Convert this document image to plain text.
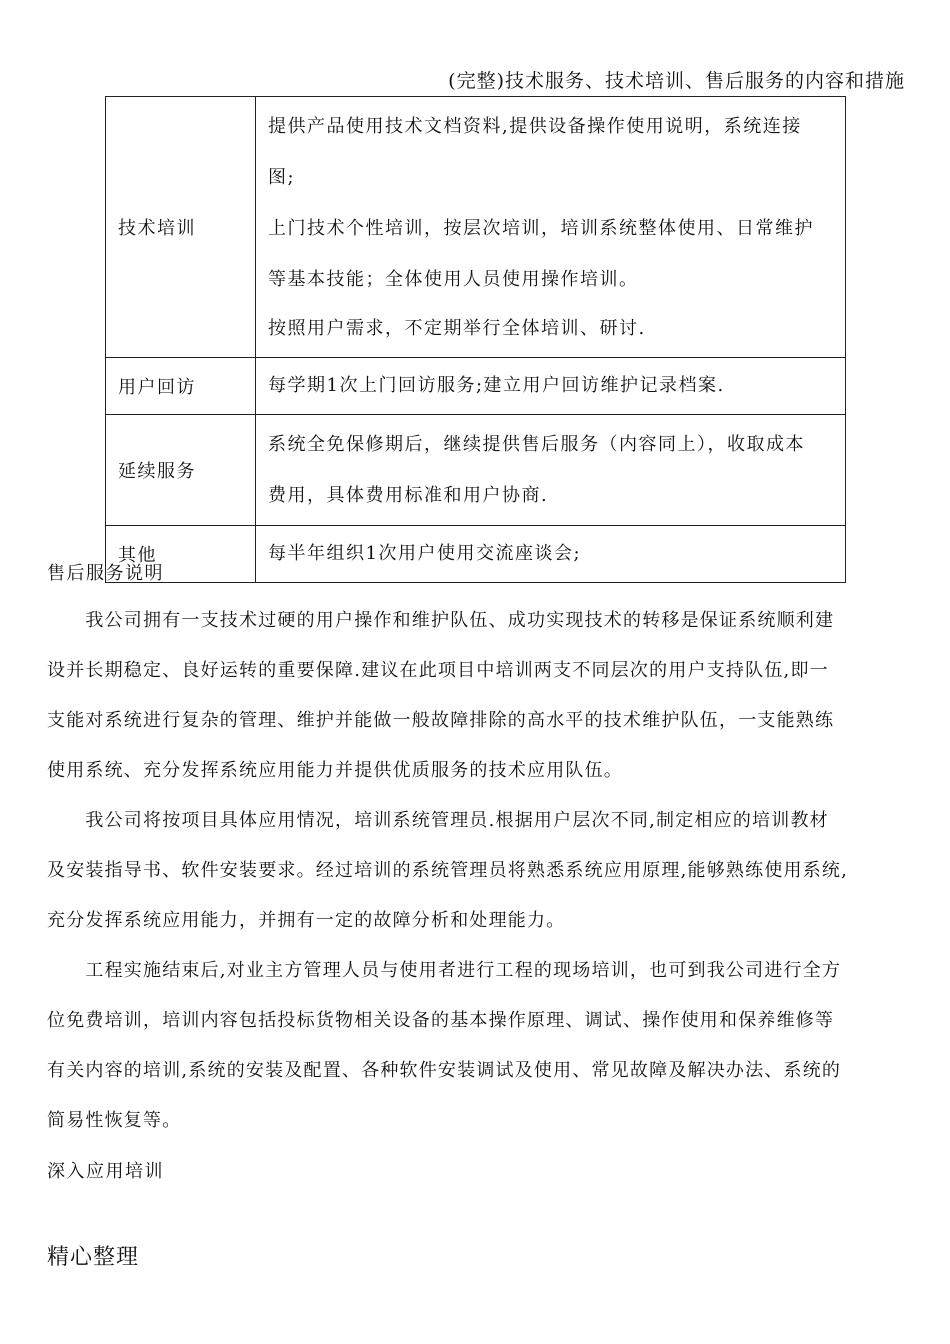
(完整)技术服务、技术培训、售后服务的内容和措施
技术培训	提供产品使用技术文档资料,提供设备操作使用说明，系统连接
图;
上门技术个性培训，按层次培训，培训系统整体使用、日常维护
等基本技能；全体使用人员使用操作培训。
按照用户需求，不定期举行全体培训、研讨.

用户回访	每学期1次上门回访服务;建立用户回访维护记录档案.

延续服务	系统全免保修期后，继续提供售后服务（内容同上），收取成本
费用，具体费用标准和用户协商.

其他	每半年组织1次用户使用交流座谈会;
售后服务说明
　　我公司拥有一支技术过硬的用户操作和维护队伍、成功实现技术的转移是保证系统顺利建
设并长期稳定、良好运转的重要保障.建议在此项目中培训两支不同层次的用户支持队伍,即一
支能对系统进行复杂的管理、维护并能做一般故障排除的高水平的技术维护队伍，一支能熟练
使用系统、充分发挥系统应用能力并提供优质服务的技术应用队伍。
　　我公司将按项目具体应用情况，培训系统管理员.根据用户层次不同,制定相应的培训教材
及安装指导书、软件安装要求。经过培训的系统管理员将熟悉系统应用原理,能够熟练使用系统,
充分发挥系统应用能力，并拥有一定的故障分析和处理能力。
　　工程实施结束后,对业主方管理人员与使用者进行工程的现场培训，也可到我公司进行全方
位免费培训，培训内容包括投标货物相关设备的基本操作原理、调试、操作使用和保养维修等
有关内容的培训,系统的安装及配置、各种软件安装调试及使用、常见故障及解决办法、系统的
简易性恢复等。
深入应用培训
精心整理
